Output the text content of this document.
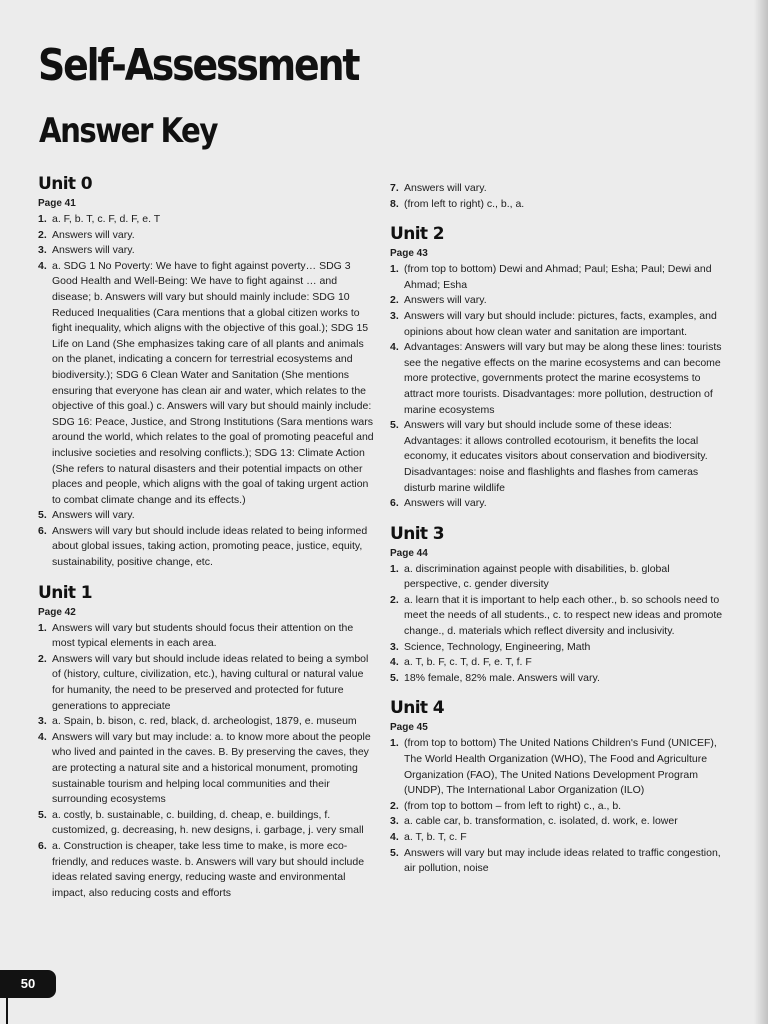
Self-Assessment
Answer Key
Unit 0
Page 41
1. a. F, b. T, c. F, d. F, e. T
2. Answers will vary.
3. Answers will vary.
4. a. SDG 1 No Poverty: We have to fight against poverty… SDG 3 Good Health and Well-Being: We have to fight against … and disease; b. Answers will vary but should mainly include: SDG 10 Reduced Inequalities (Cara mentions that a global citizen works to fight inequality, which aligns with the objective of this goal.); SDG 15 Life on Land (She emphasizes taking care of all plants and animals on the planet, indicating a concern for terrestrial ecosystems and biodiversity.); SDG 6 Clean Water and Sanitation (She mentions ensuring that everyone has clean air and water, which relates to the objective of this goal.) c. Answers will vary but should mainly include: SDG 16: Peace, Justice, and Strong Institutions (Sara mentions wars around the world, which relates to the goal of promoting peaceful and inclusive societies and resolving conflicts.); SDG 13: Climate Action (She refers to natural disasters and their potential impacts on other places and people, which aligns with the goal of taking urgent action to combat climate change and its effects.)
5. Answers will vary.
6. Answers will vary but should include ideas related to being informed about global issues, taking action, promoting peace, justice, equity, sustainability, positive change, etc.
Unit 1
Page 42
1. Answers will vary but students should focus their attention on the most typical elements in each area.
2. Answers will vary but should include ideas related to being a symbol of (history, culture, civilization, etc.), having cultural or natural value for humanity, the need to be preserved and protected for future generations to appreciate
3. a. Spain, b. bison, c. red, black, d. archeologist, 1879, e. museum
4. Answers will vary but may include: a. to know more about the people who lived and painted in the caves. B. By preserving the caves, they are protecting a natural site and a historical monument, promoting sustainable tourism and helping local communities and their surrounding ecosystems
5. a. costly, b. sustainable, c. building, d. cheap, e. buildings, f. customized, g. decreasing, h. new designs, i. garbage, j. very small
6. a. Construction is cheaper, take less time to make, is more eco-friendly, and reduces waste. b. Answers will vary but should include ideas related saving energy, reducing waste and environmental impact, also reducing costs and efforts
7. Answers will vary.
8. (from left to right) c., b., a.
Unit 2
Page 43
1. (from top to bottom) Dewi and Ahmad; Paul; Esha; Paul; Dewi and Ahmad; Esha
2. Answers will vary.
3. Answers will vary but should include: pictures, facts, examples, and opinions about how clean water and sanitation are important.
4. Advantages: Answers will vary but may be along these lines: tourists see the negative effects on the marine ecosystems and can become more protective, governments protect the marine ecosystems to attract more tourists. Disadvantages: more pollution, destruction of marine ecosystems
5. Answers will vary but should include some of these ideas: Advantages: it allows controlled ecotourism, it benefits the local economy, it educates visitors about conservation and biodiversity. Disadvantages: noise and flashlights and flashes from cameras disturb marine wildlife
6. Answers will vary.
Unit 3
Page 44
1. a. discrimination against people with disabilities, b. global perspective, c. gender diversity
2. a. learn that it is important to help each other., b. so schools need to meet the needs of all students., c. to respect new ideas and promote change., d. materials which reflect diversity and inclusivity.
3. Science, Technology, Engineering, Math
4. a. T, b. F, c. T, d. F, e. T, f. F
5. 18% female, 82% male. Answers will vary.
Unit 4
Page 45
1. (from top to bottom) The United Nations Children's Fund (UNICEF), The World Health Organization (WHO), The Food and Agriculture Organization (FAO), The United Nations Development Program (UNDP), The International Labor Organization (ILO)
2. (from top to bottom – from left to right) c., a., b.
3. a. cable car, b. transformation, c. isolated, d. work, e. lower
4. a. T, b. T, c. F
5. Answers will vary but may include ideas related to traffic congestion, air pollution, noise
50
